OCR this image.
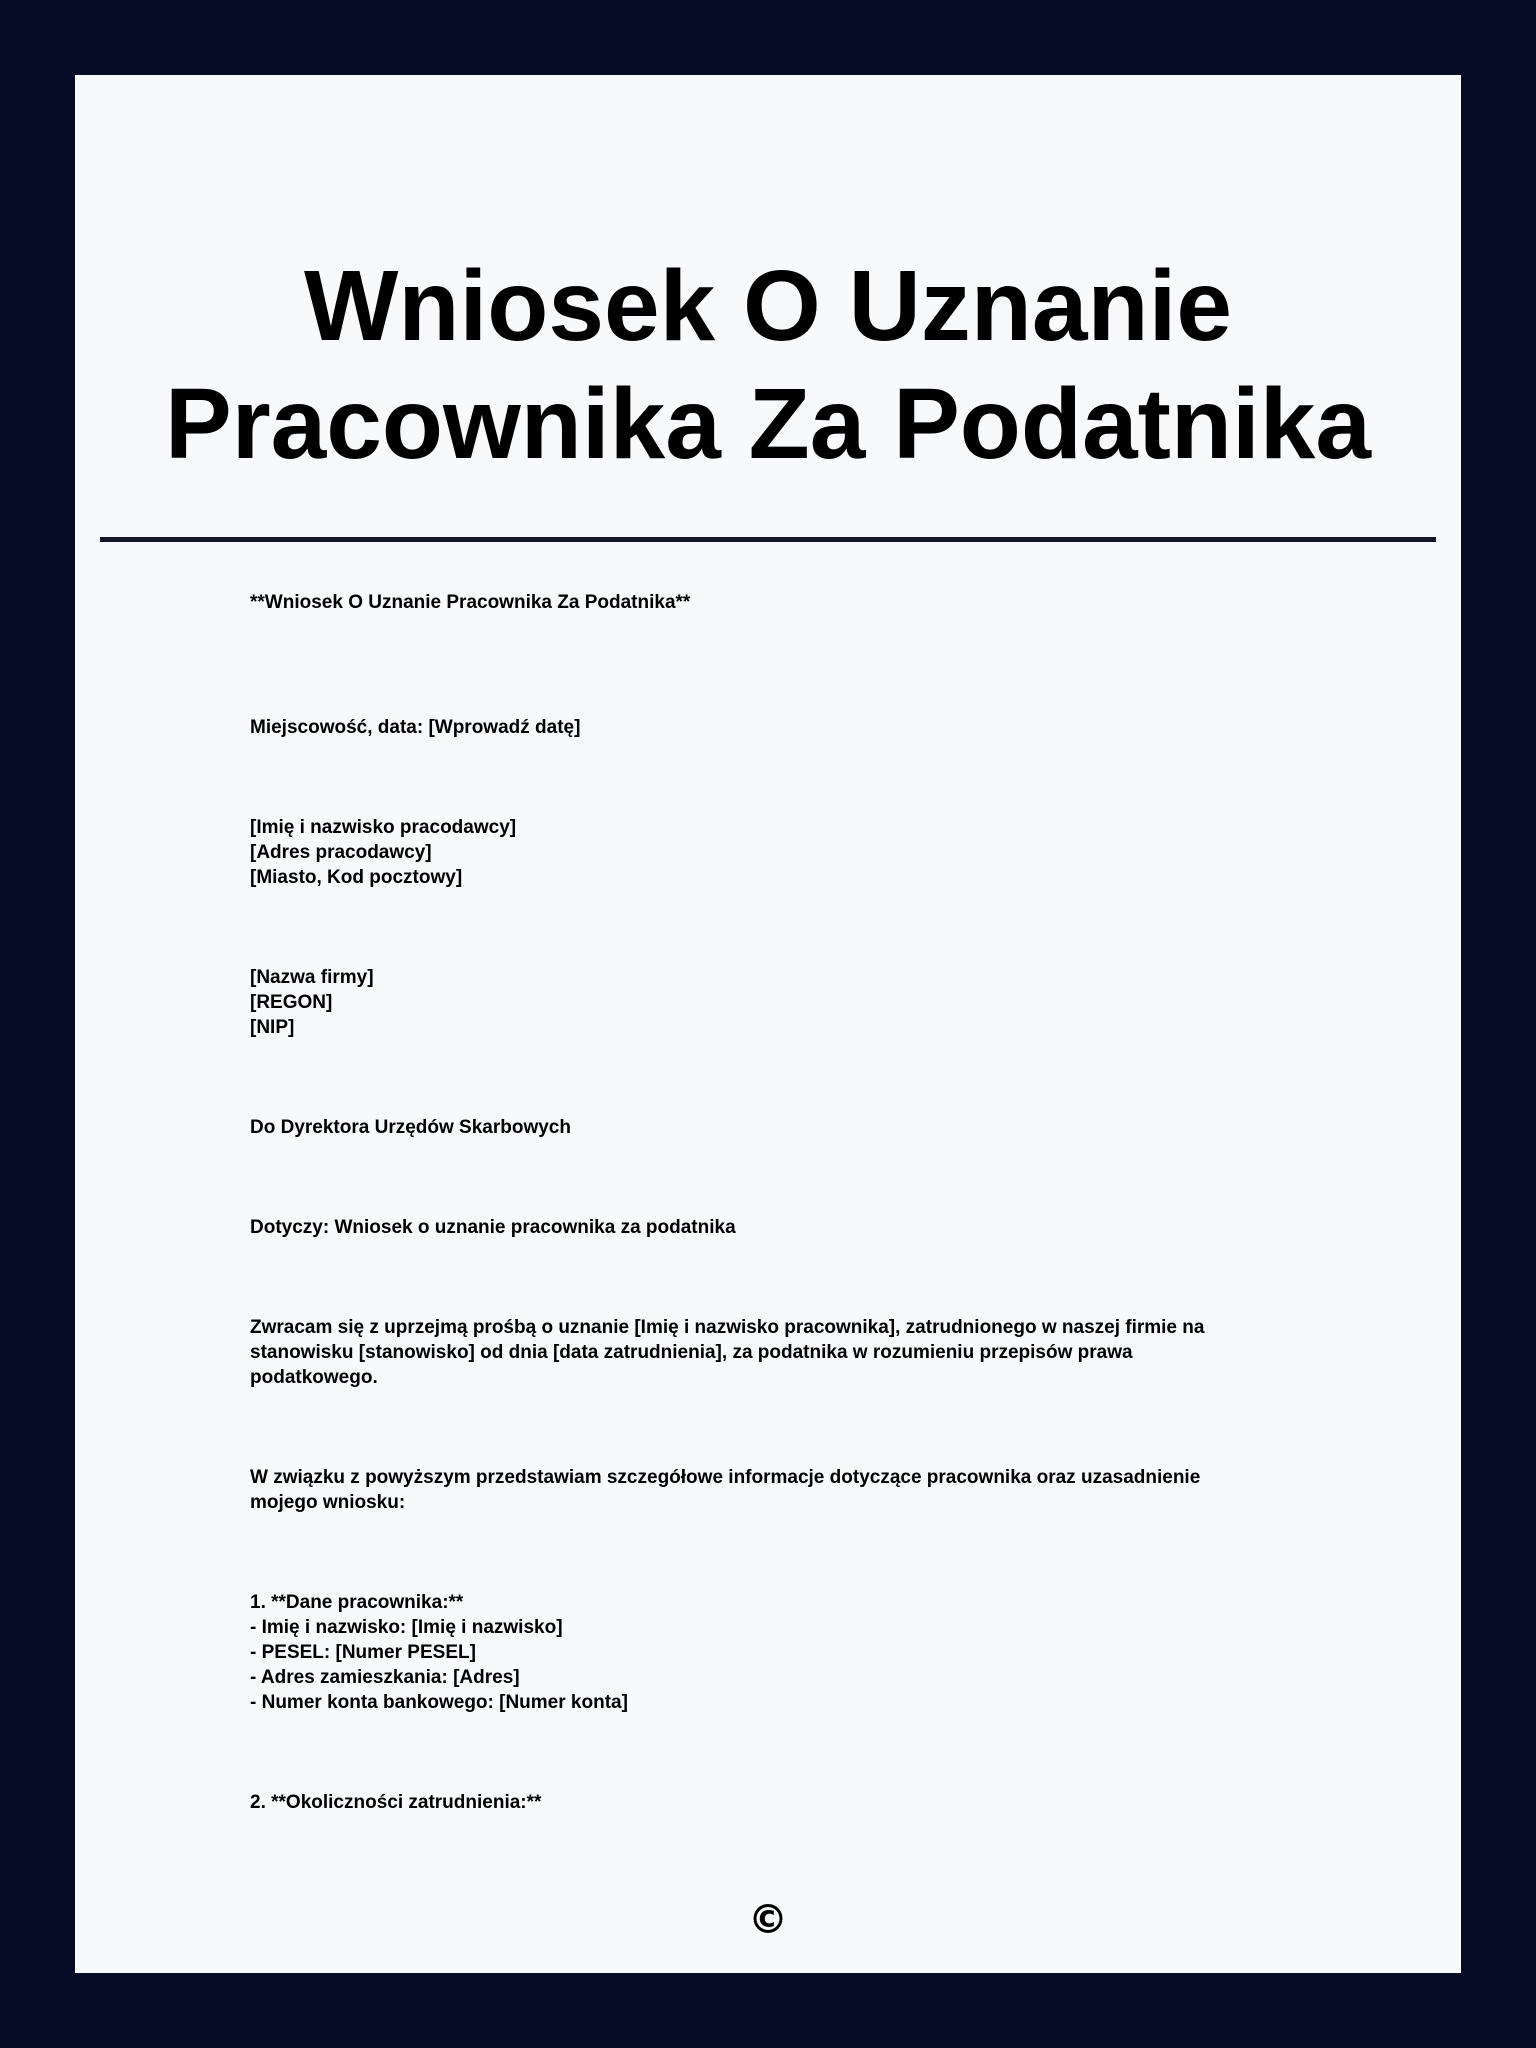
Wniosek O Uznanie
Pracownika Za Podatnika

**Wniosek O Uznanie Pracownika Za Podatnika**

Miejscowość, data: [Wprowadź datę]

[Imię i nazwisko pracodawcy]
[Adres pracodawcy]
[Miasto, Kod pocztowy]

[Nazwa firmy]
[REGON]
[NIP]

Do Dyrektora Urzędów Skarbowych

Dotyczy: Wniosek o uznanie pracownika za podatnika

Zwracam się z uprzejmą prośbą o uznanie [Imię i nazwisko pracownika], zatrudnionego w naszej firmie na
stanowisku [stanowisko] od dnia [data zatrudnienia], za podatnika w rozumieniu przepisów prawa
podatkowego.

W związku z powyższym przedstawiam szczegółowe informacje dotyczące pracownika oraz uzasadnienie
mojego wniosku:

1. **Dane pracownika:**
- Imię i nazwisko: [Imię i nazwisko]
- PESEL: [Numer PESEL]
- Adres zamieszkania: [Adres]
- Numer konta bankowego: [Numer konta]

2. **Okoliczności zatrudnienia:**

©
